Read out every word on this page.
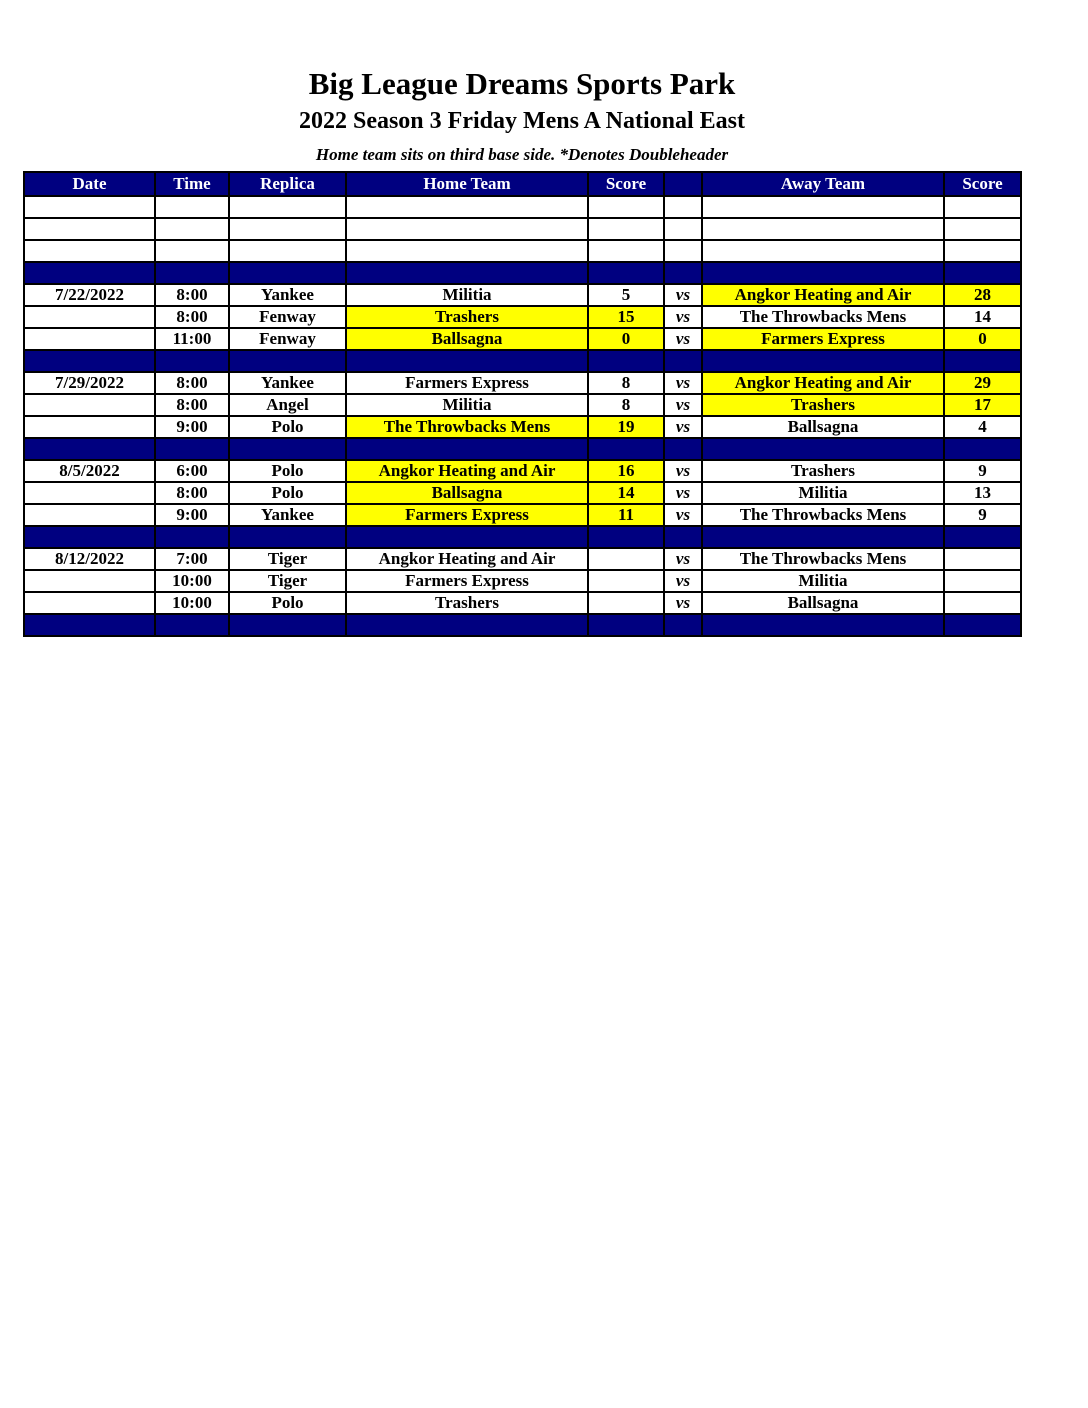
Big League Dreams Sports Park
2022 Season 3 Friday Mens A National East
Home team sits on third base side. *Denotes Doubleheader
Date	Time	Replica	Home Team	Score		Away Team	Score

7/22/2022	8:00	Yankee	Militia	5	vs	Angkor Heating and Air	28
	8:00	Fenway	Trashers	15	vs	The Throwbacks Mens	14
	11:00	Fenway	Ballsagna	0	vs	Farmers Express	0

7/29/2022	8:00	Yankee	Farmers Express	8	vs	Angkor Heating and Air	29
	8:00	Angel	Militia	8	vs	Trashers	17
	9:00	Polo	The Throwbacks Mens	19	vs	Ballsagna	4

8/5/2022	6:00	Polo	Angkor Heating and Air	16	vs	Trashers	9
	8:00	Polo	Ballsagna	14	vs	Militia	13
	9:00	Yankee	Farmers Express	11	vs	The Throwbacks Mens	9

8/12/2022	7:00	Tiger	Angkor Heating and Air		vs	The Throwbacks Mens	
	10:00	Tiger	Farmers Express		vs	Militia	
	10:00	Polo	Trashers		vs	Ballsagna	
